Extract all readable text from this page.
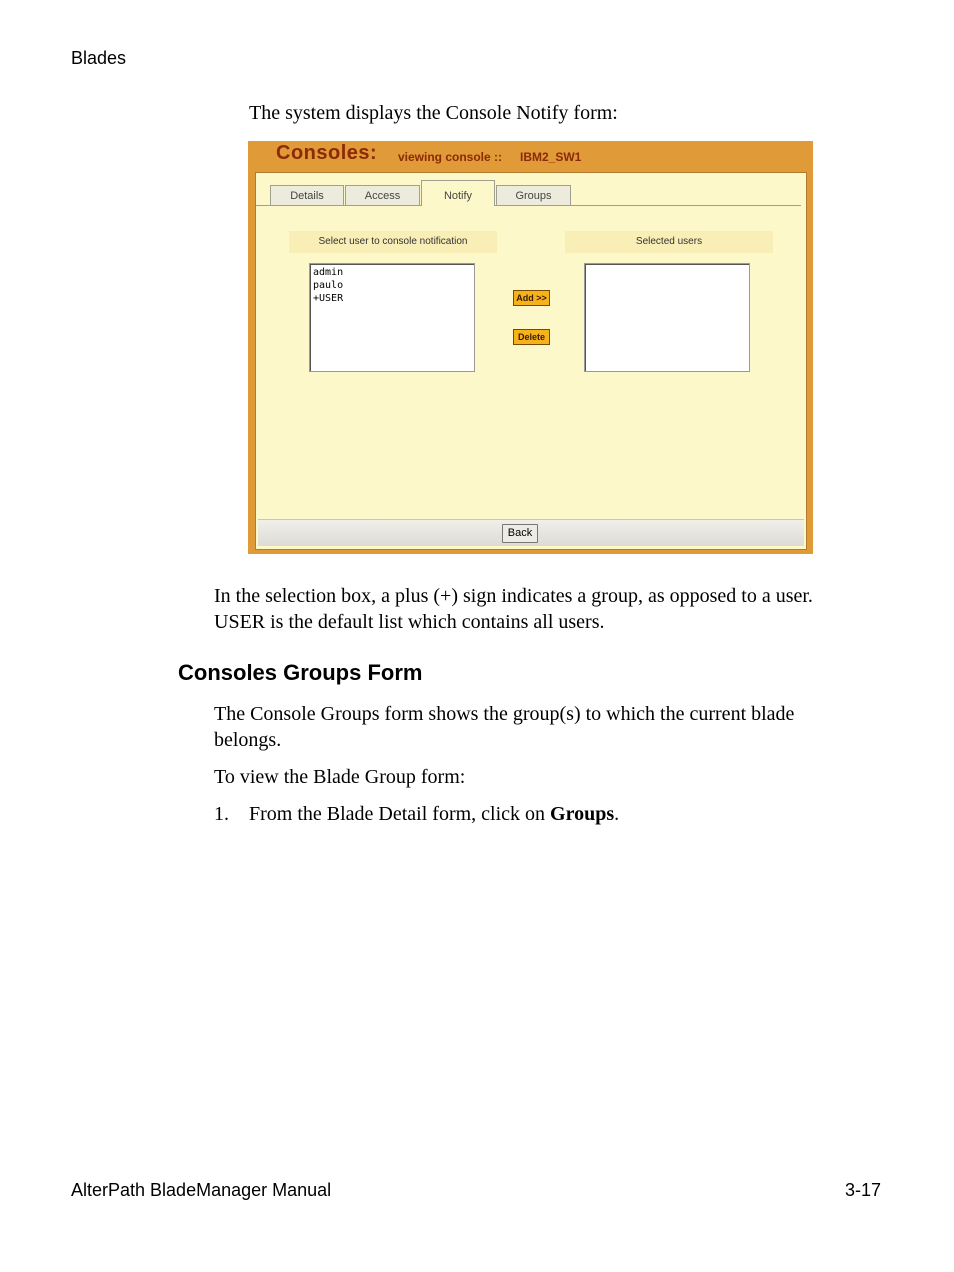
Blades

The system displays the Console Notify form:

Consoles: viewing console :: IBM2_SW1
Details	Access	Notify	Groups
Select user to console notification	Selected users
admin
paulo
+USER	Add >>
Delete
Back

In the selection box, a plus (+) sign indicates a group, as opposed to a user.

USER is the default list which contains all users.

Consoles Groups Form

The Console Groups form shows the group(s) to which the current blade

belongs.

To view the Blade Group form:

1. From the Blade Detail form, click on Groups.

AlterPath BladeManager Manual	3-17
